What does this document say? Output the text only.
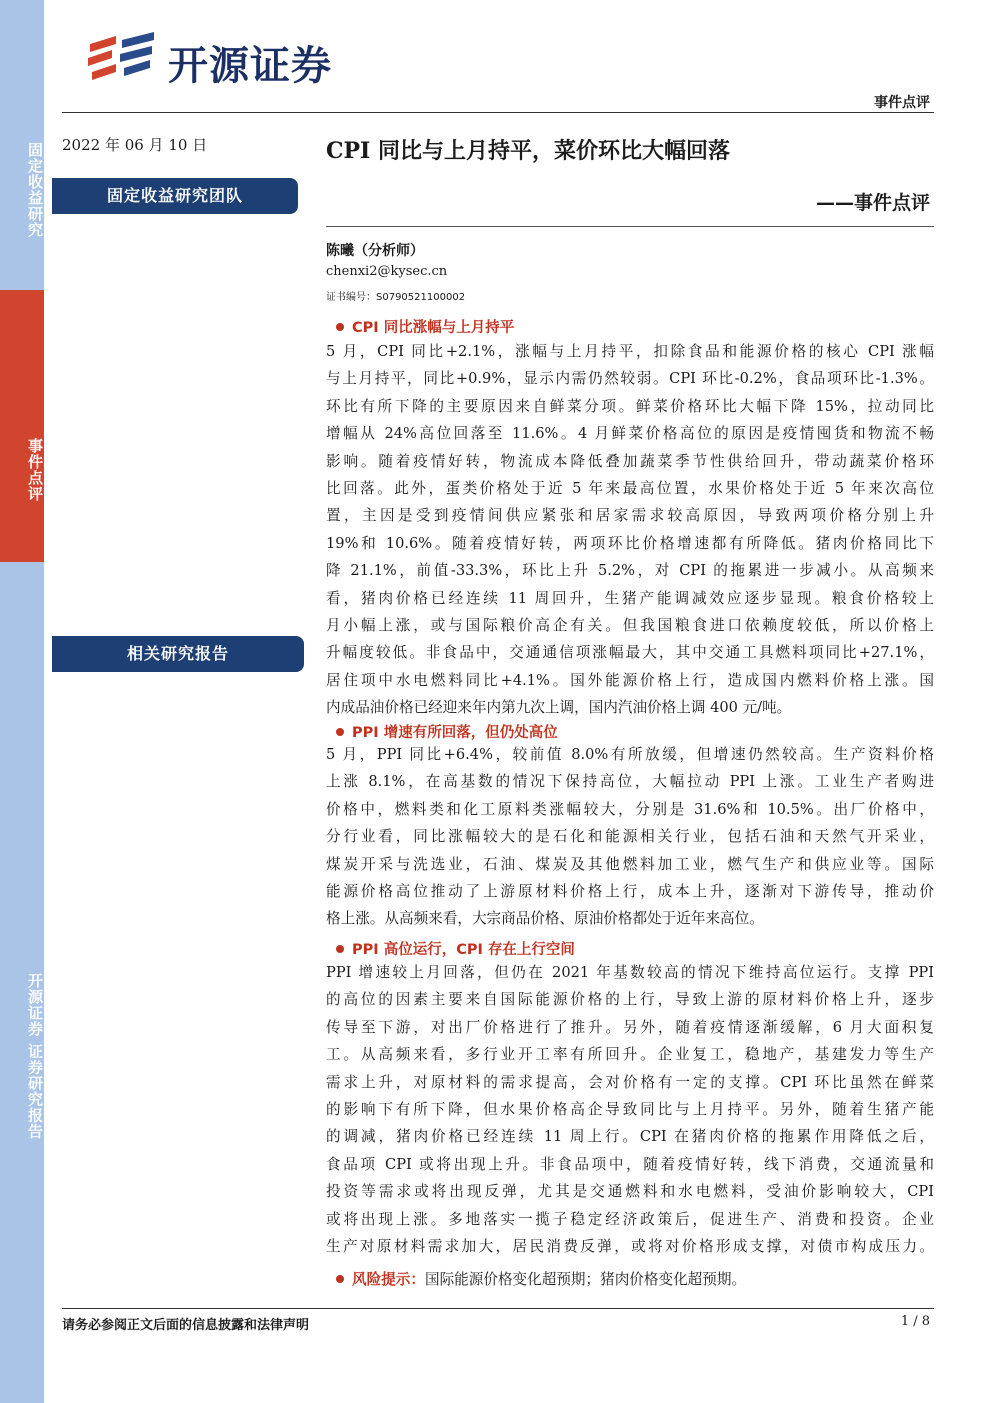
固定收益研究
事件点评
开源证券 证券研究报告
开源证券
事件点评
2022 年 06 月 10 日
固定收益研究团队
相关研究报告
CPI 同比与上月持平，菜价环比大幅回落
——事件点评
陈曦（分析师）
chenxi2@kysec.cn
证书编号：S0790521100002
CPI 同比涨幅与上月持平
5 月，CPI 同比+2.1%，涨幅与上月持平，扣除食品和能源价格的核心 CPI 涨幅
与上月持平，同比+0.9%，显示内需仍然较弱。CPI 环比-0.2%，食品项环比-1.3%。
环比有所下降的主要原因来自鲜菜分项。鲜菜价格环比大幅下降 15%，拉动同比
增幅从 24%高位回落至 11.6%。4 月鲜菜价格高位的原因是疫情囤货和物流不畅
影响。随着疫情好转，物流成本降低叠加蔬菜季节性供给回升，带动蔬菜价格环
比回落。此外，蛋类价格处于近 5 年来最高位置，水果价格处于近 5 年来次高位
置，主因是受到疫情间供应紧张和居家需求较高原因，导致两项价格分别上升
19%和 10.6%。随着疫情好转，两项环比价格增速都有所降低。猪肉价格同比下
降 21.1%，前值-33.3%，环比上升 5.2%，对 CPI 的拖累进一步减小。从高频来
看，猪肉价格已经连续 11 周回升，生猪产能调减效应逐步显现。粮食价格较上
月小幅上涨，或与国际粮价高企有关。但我国粮食进口依赖度较低，所以价格上
升幅度较低。非食品中，交通通信项涨幅最大，其中交通工具燃料项同比+27.1%，
居住项中水电燃料同比+4.1%。国外能源价格上行，造成国内燃料价格上涨。国
内成品油价格已经迎来年内第九次上调，国内汽油价格上调 400 元/吨。
PPI 增速有所回落，但仍处高位
5 月，PPI 同比+6.4%，较前值 8.0%有所放缓，但增速仍然较高。生产资料价格
上涨 8.1%，在高基数的情况下保持高位，大幅拉动 PPI 上涨。工业生产者购进
价格中，燃料类和化工原料类涨幅较大，分别是 31.6%和 10.5%。出厂价格中，
分行业看，同比涨幅较大的是石化和能源相关行业，包括石油和天然气开采业，
煤炭开采与洗选业，石油、煤炭及其他燃料加工业，燃气生产和供应业等。国际
能源价格高位推动了上游原材料价格上行，成本上升，逐渐对下游传导，推动价
格上涨。从高频来看，大宗商品价格、原油价格都处于近年来高位。
PPI 高位运行，CPI 存在上行空间
PPI 增速较上月回落，但仍在 2021 年基数较高的情况下维持高位运行。支撑 PPI
的高位的因素主要来自国际能源价格的上行，导致上游的原材料价格上升，逐步
传导至下游，对出厂价格进行了推升。另外，随着疫情逐渐缓解，6 月大面积复
工。从高频来看，多行业开工率有所回升。企业复工，稳地产，基建发力等生产
需求上升，对原材料的需求提高，会对价格有一定的支撑。CPI 环比虽然在鲜菜
的影响下有所下降，但水果价格高企导致同比与上月持平。另外，随着生猪产能
的调减，猪肉价格已经连续 11 周上行。CPI 在猪肉价格的拖累作用降低之后，
食品项 CPI 或将出现上升。非食品项中，随着疫情好转，线下消费，交通流量和
投资等需求或将出现反弹，尤其是交通燃料和水电燃料，受油价影响较大，CPI
或将出现上涨。多地落实一揽子稳定经济政策后，促进生产、消费和投资。企业
生产对原材料需求加大，居民消费反弹，或将对价格形成支撑，对债市构成压力。
风险提示：国际能源价格变化超预期；猪肉价格变化超预期。
请务必参阅正文后面的信息披露和法律声明	1 / 8
